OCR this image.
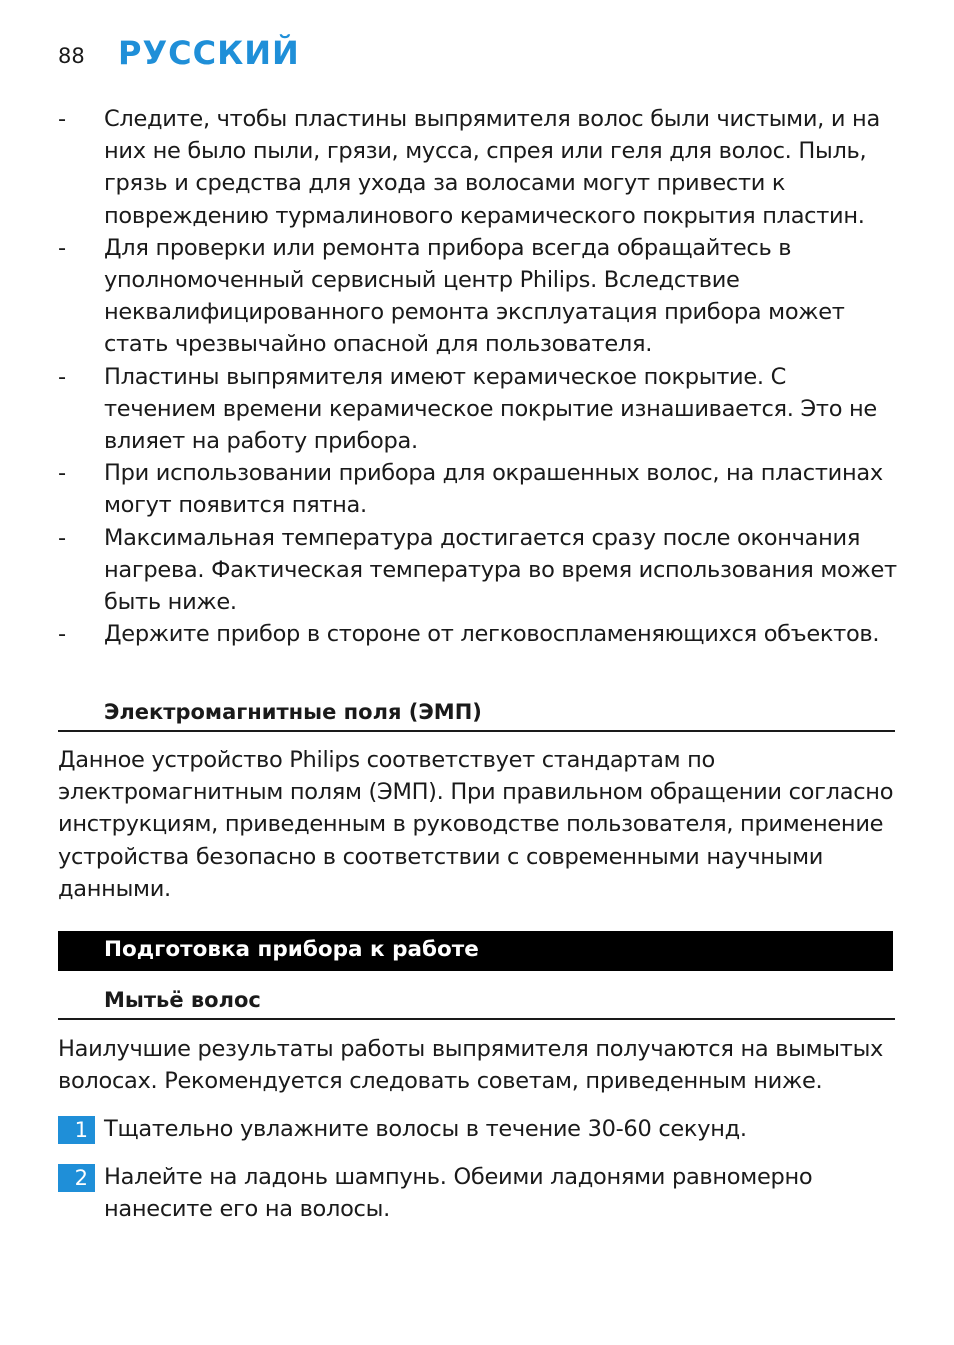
88 РУССКИЙ
- Следите, чтобы пластины выпрямителя волос были чистыми, и на них не было пыли, грязи, мусса, спрея или геля для волос. Пыль, грязь и средства для ухода за волосами могут привести к повреждению турмалинового керамического покрытия пластин.
- Для проверки или ремонта прибора всегда обращайтесь в уполномоченный сервисный центр Philips. Вследствие неквалифицированного ремонта эксплуатация прибора может стать чрезвычайно опасной для пользователя.
- Пластины выпрямителя имеют керамическое покрытие. С течением времени керамическое покрытие изнашивается. Это не влияет на работу прибора.
- При использовании прибора для окрашенных волос, на пластинах могут появится пятна.
- Максимальная температура достигается сразу после окончания нагрева. Фактическая температура во время использования может быть ниже.
- Держите прибор в стороне от легковоспламеняющихся объектов.
Электромагнитные поля (ЭМП)

Данное устройство Philips соответствует стандартам по электромагнитным полям (ЭМП). При правильном обращении согласно инструкциям, приведенным в руководстве пользователя, применение устройства безопасно в соответствии с современными научными данными.

Подготовка прибора к работе
Мытьё волос

Наилучшие результаты работы выпрямителя получаются на вымытых волосах. Рекомендуется следовать советам, приведенным ниже.

1 Тщательно увлажните волосы в течение 30-60 секунд.
2 Налейте на ладонь шампунь. Обеими ладонями равномерно нанесите его на волосы.
